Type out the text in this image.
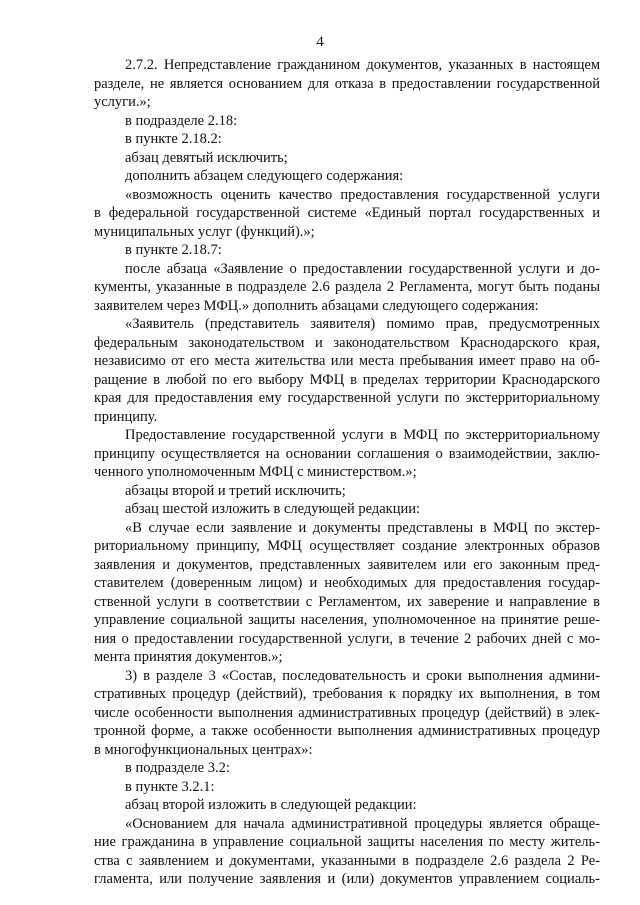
4
2.7.2. Непредставление гражданином документов, указанных в настоящем
разделе, не является основанием для отказа в предоставлении государственной
услуги.»;
в подразделе 2.18:
в пункте 2.18.2:
абзац девятый исключить;
дополнить абзацем следующего содержания:
«возможность оценить качество предоставления государственной услуги
в федеральной государственной системе «Единый портал государственных и
муниципальных услуг (функций).»;
в пункте 2.18.7:
после абзаца «Заявление о предоставлении государственной услуги и до-
кументы, указанные в подразделе 2.6 раздела 2 Регламента, могут быть поданы
заявителем через МФЦ.» дополнить абзацами следующего содержания:
«Заявитель (представитель заявителя) помимо прав, предусмотренных
федеральным законодательством и законодательством Краснодарского края,
независимо от его места жительства или места пребывания имеет право на об-
ращение в любой по его выбору МФЦ в пределах территории Краснодарского
края для предоставления ему государственной услуги по экстерриториальному
принципу.
Предоставление государственной услуги в МФЦ по экстерриториальному
принципу осуществляется на основании соглашения о взаимодействии, заклю-
ченного уполномоченным МФЦ с министерством.»;
абзацы второй и третий исключить;
абзац шестой изложить в следующей редакции:
«В случае если заявление и документы представлены в МФЦ по экстер-
риториальному принципу, МФЦ осуществляет создание электронных образов
заявления и документов, представленных заявителем или его законным пред-
ставителем (доверенным лицом) и необходимых для предоставления государ-
ственной услуги в соответствии с Регламентом, их заверение и направление в
управление социальной защиты населения, уполномоченное на принятие реше-
ния о предоставлении государственной услуги, в течение 2 рабочих дней с мо-
мента принятия документов.»;
3) в разделе 3 «Состав, последовательность и сроки выполнения админи-
стративных процедур (действий), требования к порядку их выполнения, в том
числе особенности выполнения административных процедур (действий) в элек-
тронной форме, а также особенности выполнения административных процедур
в многофункциональных центрах»:
в подразделе 3.2:
в пункте 3.2.1:
абзац второй изложить в следующей редакции:
«Основанием для начала административной процедуры является обраще-
ние гражданина в управление социальной защиты населения по месту житель-
ства с заявлением и документами, указанными в подразделе 2.6 раздела 2 Ре-
гламента, или получение заявления и (или) документов управлением социаль-
